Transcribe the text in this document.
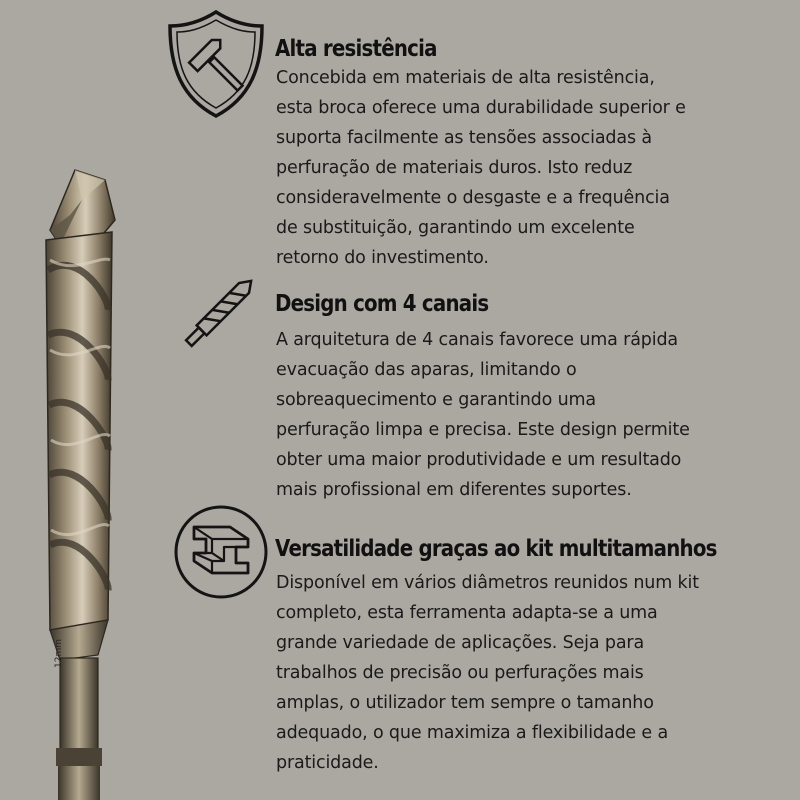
12mm
Alta resistência
Concebida em materiais de alta resistência,
esta broca oferece uma durabilidade superior e
suporta facilmente as tensões associadas à
perfuração de materiais duros. Isto reduz
consideravelmente o desgaste e a frequência
de substituição, garantindo um excelente
retorno do investimento.
Design com 4 canais
A arquitetura de 4 canais favorece uma rápida
evacuação das aparas, limitando o
sobreaquecimento e garantindo uma
perfuração limpa e precisa. Este design permite
obter uma maior produtividade e um resultado
mais profissional em diferentes suportes.
Versatilidade graças ao kit multitamanhos
Disponível em vários diâmetros reunidos num kit
completo, esta ferramenta adapta-se a uma
grande variedade de aplicações. Seja para
trabalhos de precisão ou perfurações mais
amplas, o utilizador tem sempre o tamanho
adequado, o que maximiza a flexibilidade e a
praticidade.
